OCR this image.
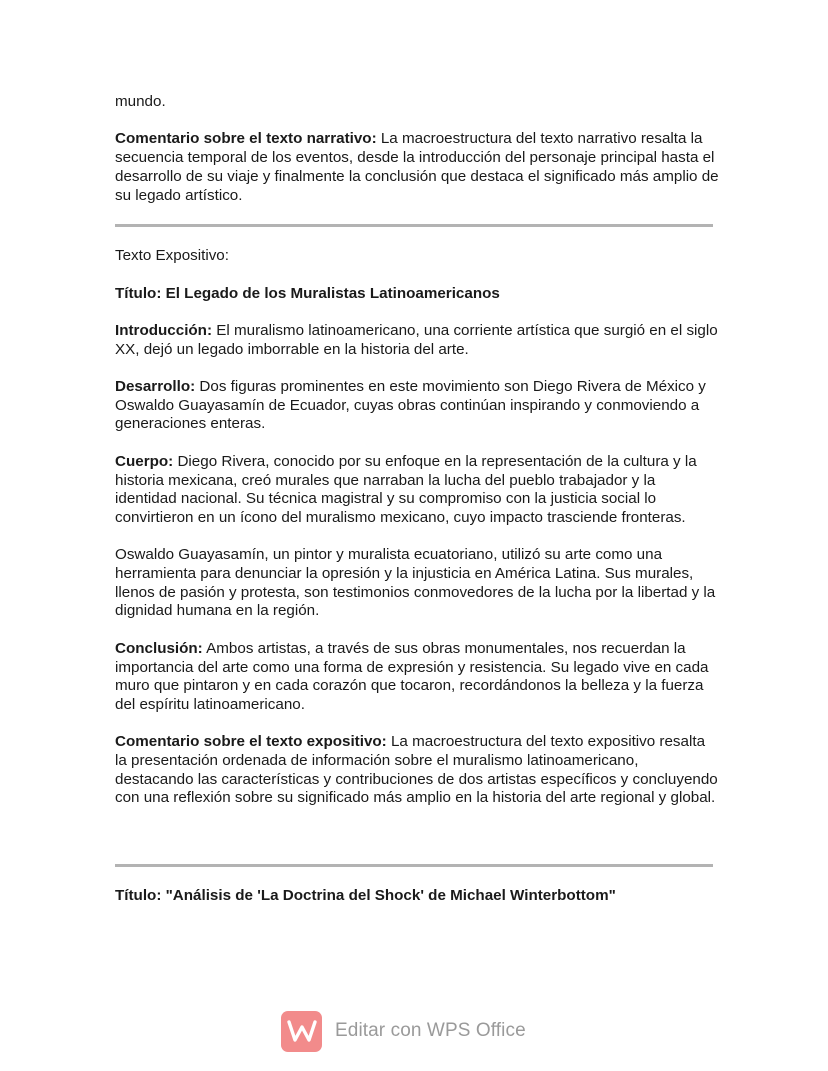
mundo.

Comentario sobre el texto narrativo: La macroestructura del texto narrativo resalta la secuencia temporal de los eventos, desde la introducción del personaje principal hasta el desarrollo de su viaje y finalmente la conclusión que destaca el significado más amplio de su legado artístico.

Texto Expositivo:

Título: El Legado de los Muralistas Latinoamericanos

Introducción: El muralismo latinoamericano, una corriente artística que surgió en el siglo XX, dejó un legado imborrable en la historia del arte.

Desarrollo: Dos figuras prominentes en este movimiento son Diego Rivera de México y Oswaldo Guayasamín de Ecuador, cuyas obras continúan inspirando y conmoviendo a generaciones enteras.

Cuerpo: Diego Rivera, conocido por su enfoque en la representación de la cultura y la historia mexicana, creó murales que narraban la lucha del pueblo trabajador y la identidad nacional. Su técnica magistral y su compromiso con la justicia social lo convirtieron en un ícono del muralismo mexicano, cuyo impacto trasciende fronteras.

Oswaldo Guayasamín, un pintor y muralista ecuatoriano, utilizó su arte como una herramienta para denunciar la opresión y la injusticia en América Latina. Sus murales, llenos de pasión y protesta, son testimonios conmovedores de la lucha por la libertad y la dignidad humana en la región.

Conclusión: Ambos artistas, a través de sus obras monumentales, nos recuerdan la importancia del arte como una forma de expresión y resistencia. Su legado vive en cada muro que pintaron y en cada corazón que tocaron, recordándonos la belleza y la fuerza del espíritu latinoamericano.

Comentario sobre el texto expositivo: La macroestructura del texto expositivo resalta la presentación ordenada de información sobre el muralismo latinoamericano, destacando las características y contribuciones de dos artistas específicos y concluyendo con una reflexión sobre su significado más amplio en la historia del arte regional y global.

Título: "Análisis de 'La Doctrina del Shock' de Michael Winterbottom"

Editar con WPS Office
